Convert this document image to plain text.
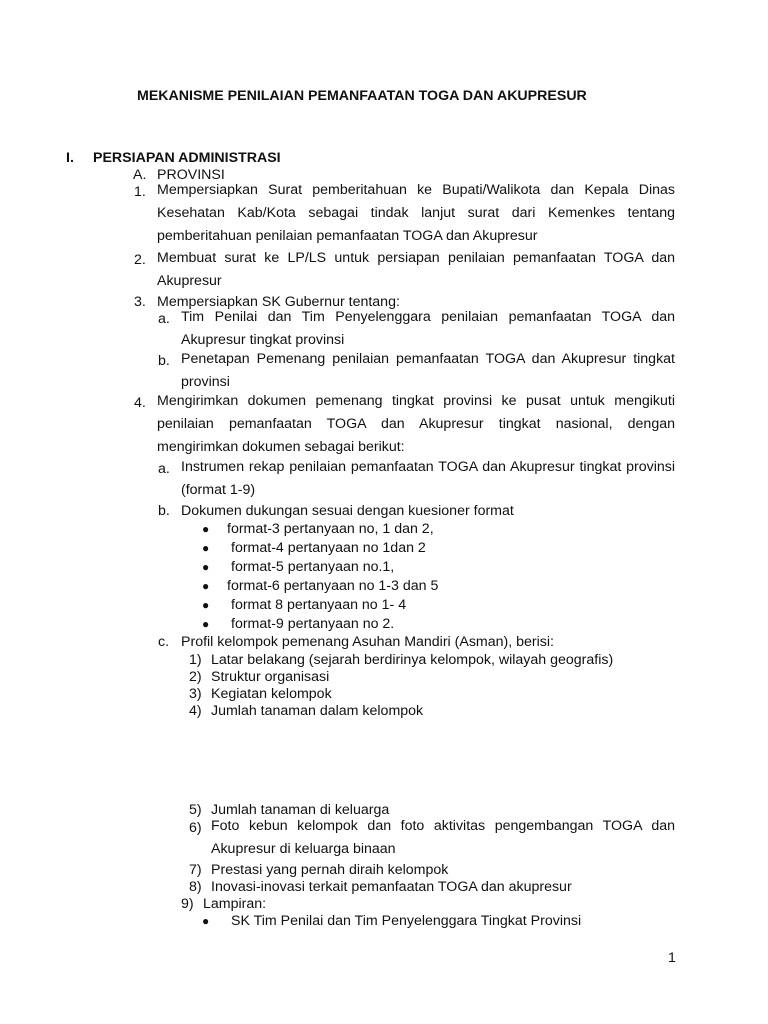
MEKANISME PENILAIAN PEMANFAATAN TOGA DAN AKUPRESUR
I. PERSIAPAN ADMINISTRASI
A. PROVINSI
1. Mempersiapkan Surat pemberitahuan ke Bupati/Walikota dan Kepala Dinas Kesehatan Kab/Kota sebagai tindak lanjut surat dari Kemenkes tentang pemberitahuan penilaian pemanfaatan TOGA dan Akupresur
2. Membuat surat ke LP/LS untuk persiapan penilaian pemanfaatan TOGA dan Akupresur
3. Mempersiapkan SK Gubernur tentang:
a. Tim Penilai dan Tim Penyelenggara penilaian pemanfaatan TOGA dan Akupresur tingkat provinsi
b. Penetapan Pemenang penilaian pemanfaatan TOGA dan Akupresur tingkat provinsi
4. Mengirimkan dokumen pemenang tingkat provinsi ke pusat untuk mengikuti penilaian pemanfaatan TOGA dan Akupresur tingkat nasional, dengan mengirimkan dokumen sebagai berikut:
a. Instrumen rekap penilaian pemanfaatan TOGA dan Akupresur tingkat provinsi (format 1-9)
b. Dokumen dukungan sesuai dengan kuesioner format
● format-3 pertanyaan no, 1 dan 2,
● format-4 pertanyaan no 1dan 2
● format-5 pertanyaan no.1,
● format-6 pertanyaan no 1-3 dan 5
● format 8 pertanyaan no 1- 4
● format-9 pertanyaan no 2.
c. Profil kelompok pemenang Asuhan Mandiri (Asman), berisi:
1) Latar belakang (sejarah berdirinya kelompok, wilayah geografis)
2) Struktur organisasi
3) Kegiatan kelompok
4) Jumlah tanaman dalam kelompok
5) Jumlah tanaman di keluarga
6) Foto kebun kelompok dan foto aktivitas pengembangan TOGA dan Akupresur di keluarga binaan
7) Prestasi yang pernah diraih kelompok
8) Inovasi-inovasi terkait pemanfaatan TOGA dan akupresur
9) Lampiran:
● SK Tim Penilai dan Tim Penyelenggara Tingkat Provinsi
1
